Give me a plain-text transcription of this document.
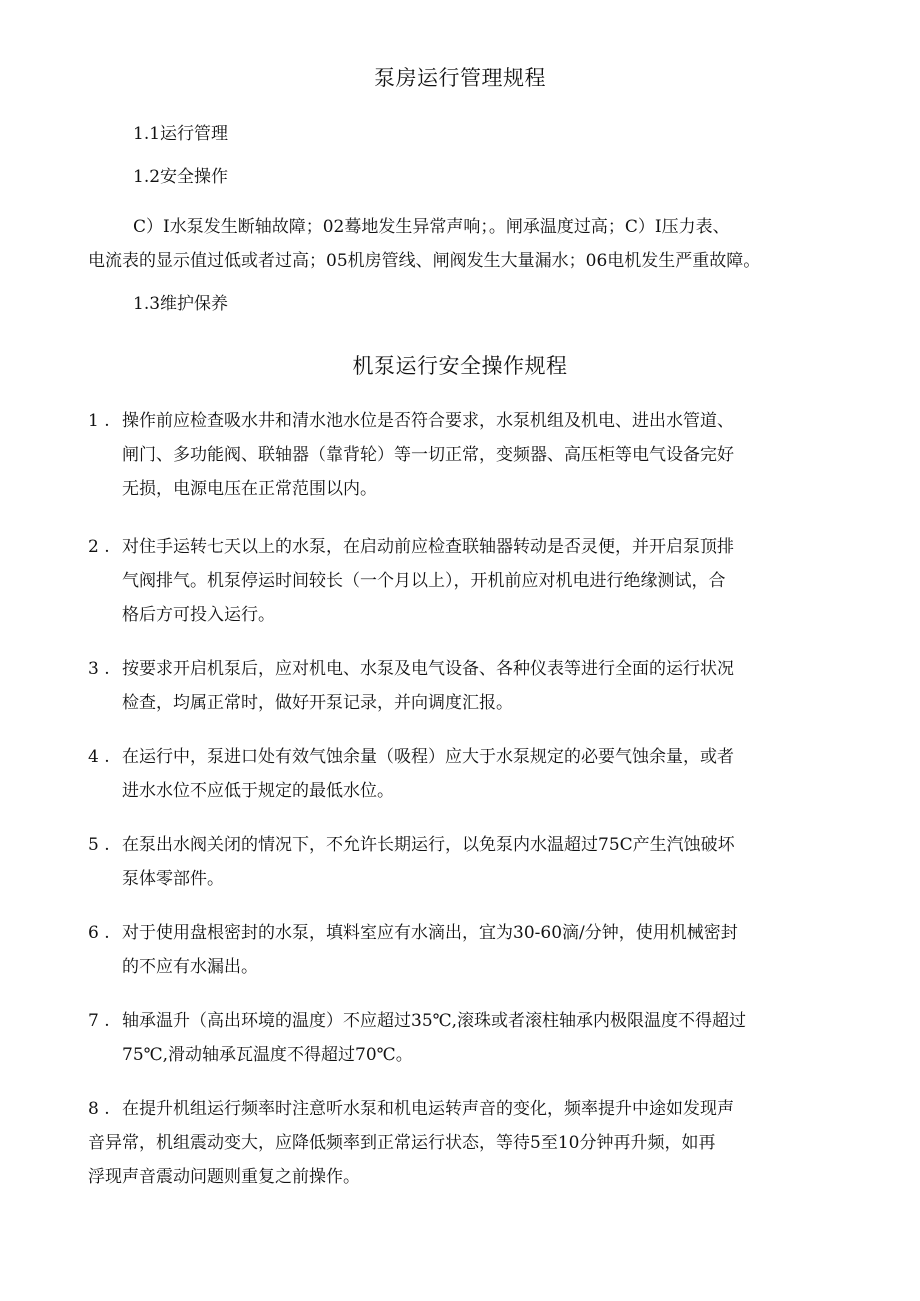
泵房运行管理规程
1.1运行管理
1.2安全操作
C）I水泵发生断轴故障；02蓦地发生异常声响；。闸承温度过高；C）I压力表、
电流表的显示值过低或者过高；05机房管线、闸阀发生大量漏水；06电机发生严重故障。
1.3维护保养
机泵运行安全操作规程
1 . 操作前应检查吸水井和清水池水位是否符合要求，水泵机组及机电、进出水管道、
闸门、多功能阀、联轴器（靠背轮）等一切正常，变频器、高压柜等电气设备完好
无损，电源电压在正常范围以内。
2 . 对住手运转七天以上的水泵，在启动前应检查联轴器转动是否灵便，并开启泵顶排
气阀排气。机泵停运时间较长（一个月以上），开机前应对机电进行绝缘测试，合
格后方可投入运行。
3 . 按要求开启机泵后，应对机电、水泵及电气设备、各种仪表等进行全面的运行状况
检查，均属正常时，做好开泵记录，并向调度汇报。
4 . 在运行中，泵进口处有效气蚀余量（吸程）应大于水泵规定的必要气蚀余量，或者
进水水位不应低于规定的最低水位。
5 . 在泵出水阀关闭的情况下，不允许长期运行，以免泵内水温超过75C产生汽蚀破坏
泵体零部件。
6 . 对于使用盘根密封的水泵，填料室应有水滴出，宜为30-60滴/分钟，使用机械密封
的不应有水漏出。
7 . 轴承温升（高出环境的温度）不应超过35℃,滚珠或者滚柱轴承内极限温度不得超过
75℃,滑动轴承瓦温度不得超过70℃。
8 . 在提升机组运行频率时注意听水泵和机电运转声音的变化，频率提升中途如发现声
音异常，机组震动变大，应降低频率到正常运行状态，等待5至10分钟再升频，如再
浮现声音震动问题则重复之前操作。
